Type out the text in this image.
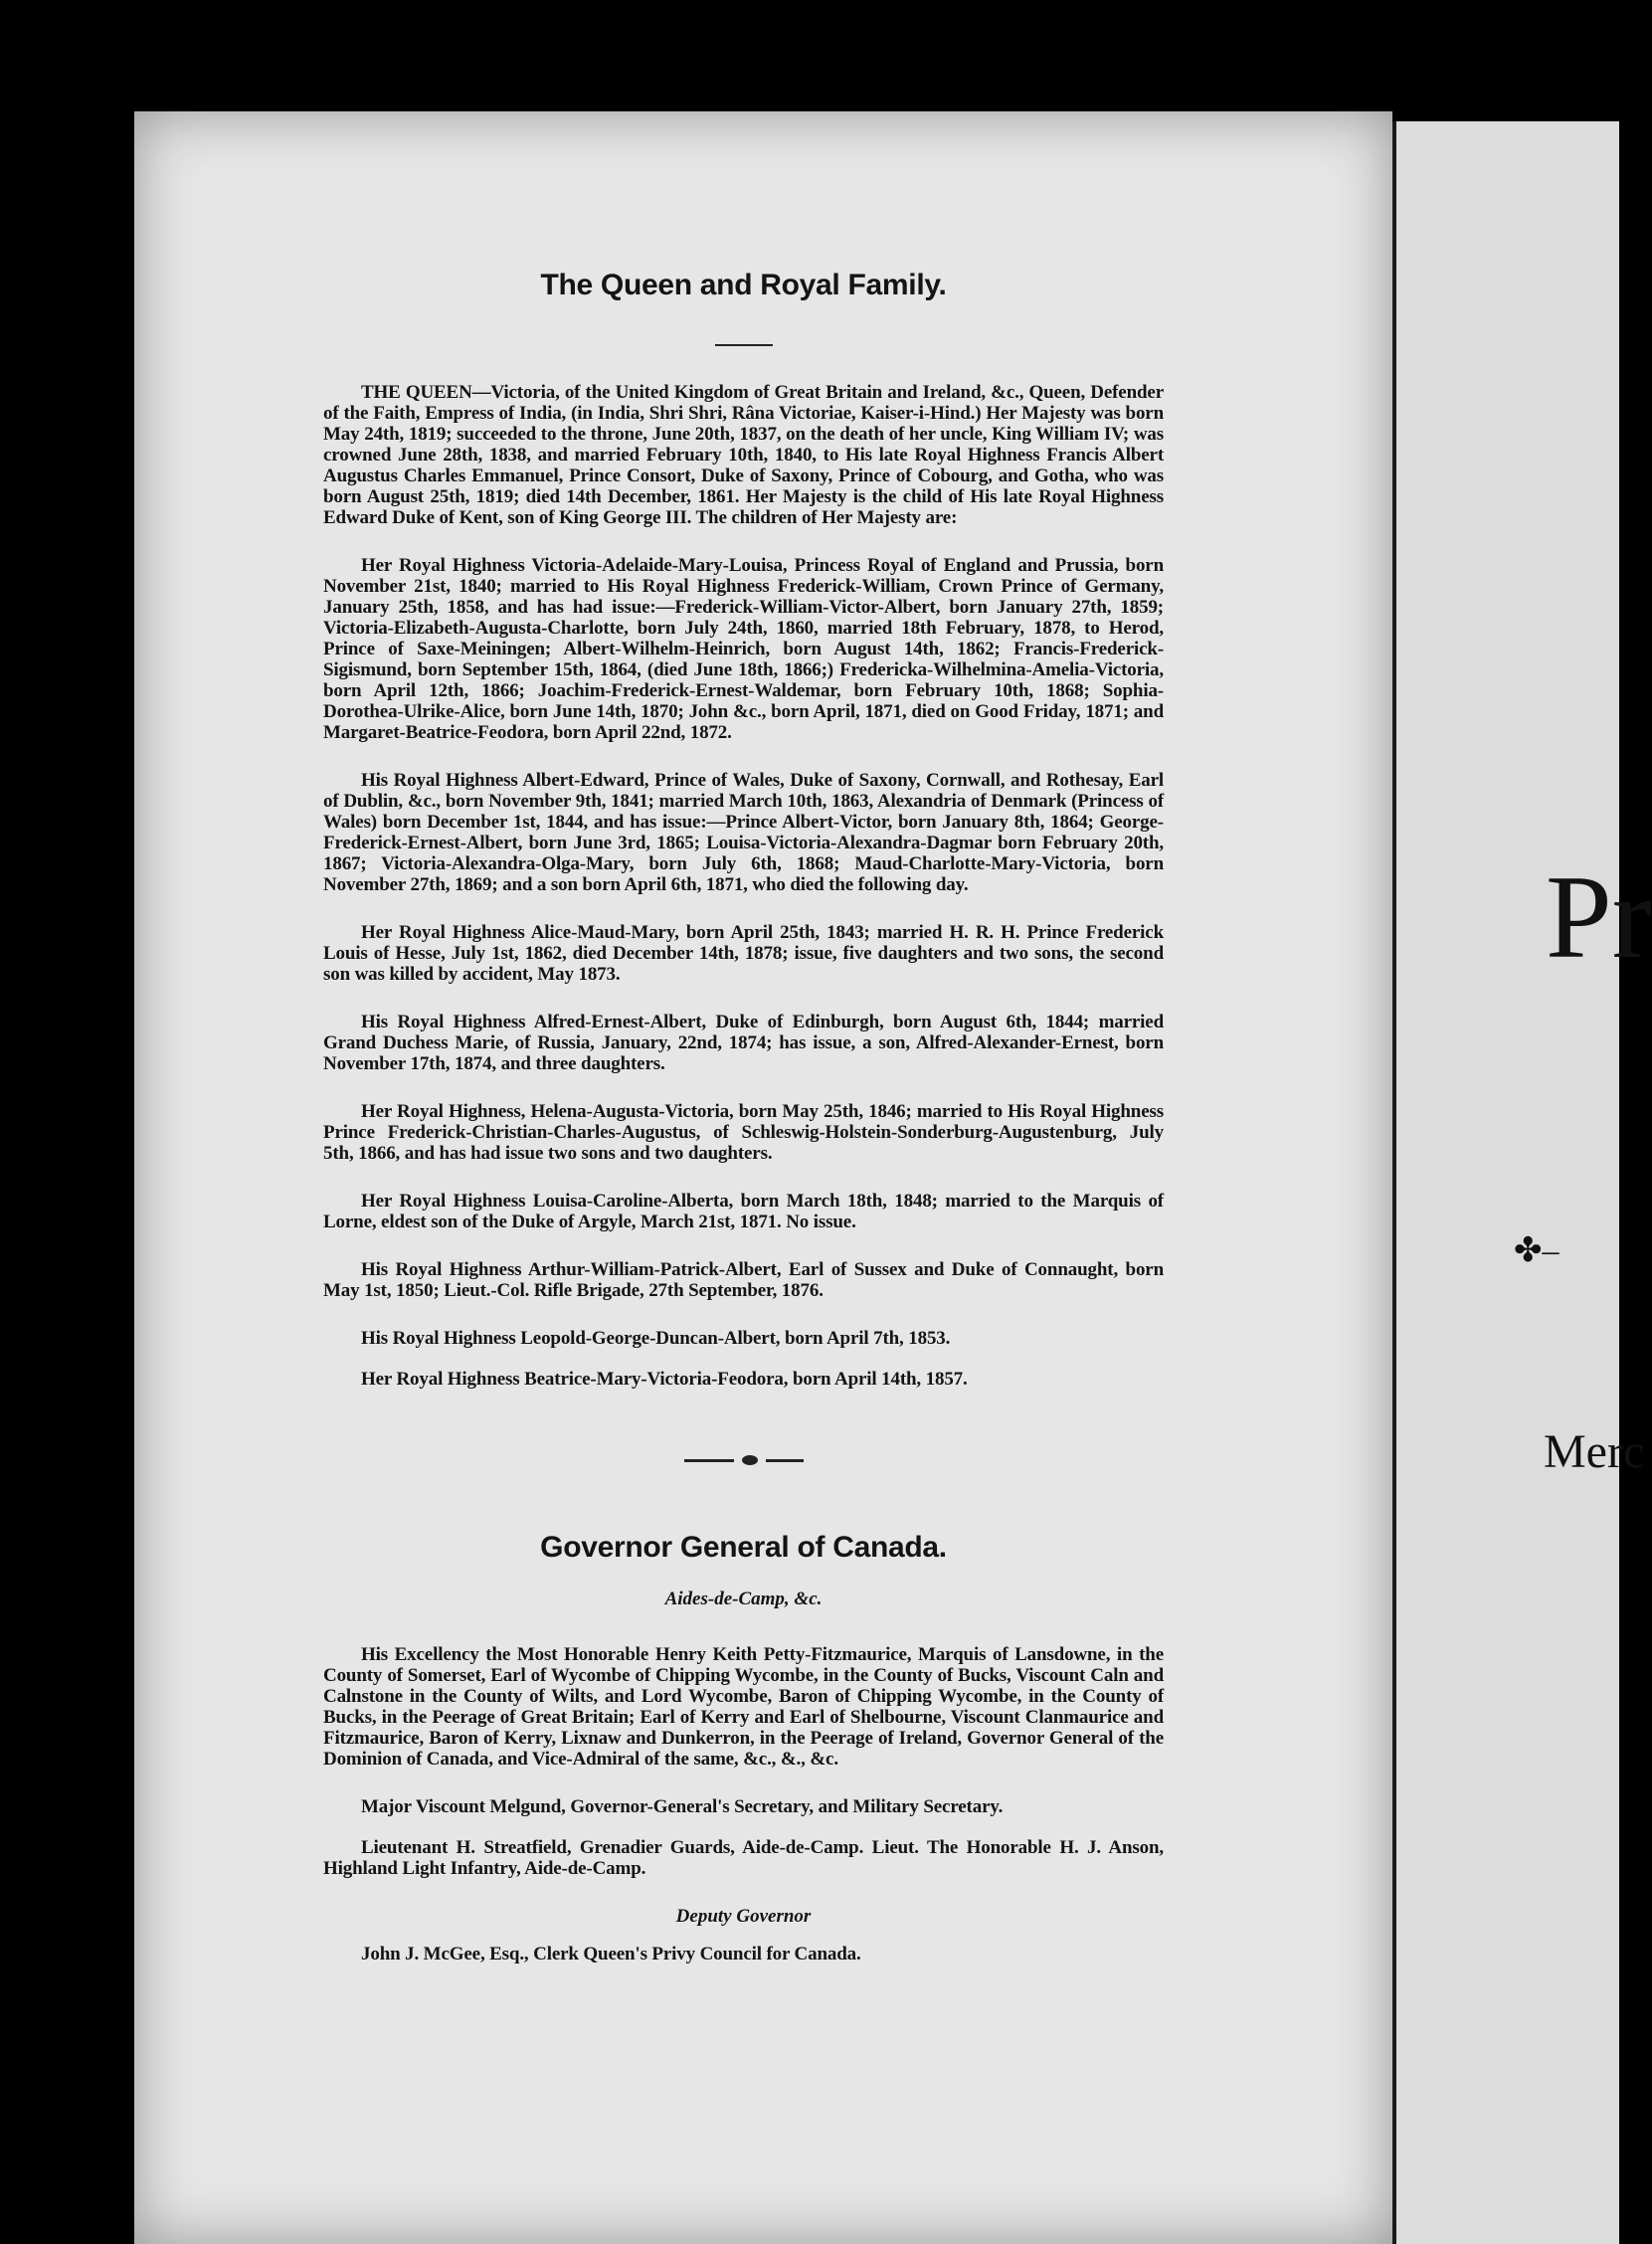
Pr
✤–
Merc
The Queen and Royal Family.

THE QUEEN—Victoria, of the United Kingdom of Great Britain and Ireland, &c., Queen, Defender of the Faith, Empress of India, (in India, Shri Shri, Râna Victoriae, Kaiser-i-Hind.) Her Majesty was born May 24th, 1819; succeeded to the throne, June 20th, 1837, on the death of her uncle, King William IV; was crowned June 28th, 1838, and married February 10th, 1840, to His late Royal Highness Francis Albert Augustus Charles Emmanuel, Prince Consort, Duke of Saxony, Prince of Cobourg, and Gotha, who was born August 25th, 1819; died 14th December, 1861. Her Majesty is the child of His late Royal Highness Edward Duke of Kent, son of King George III. The children of Her Majesty are:

Her Royal Highness Victoria-Adelaide-Mary-Louisa, Princess Royal of England and Prussia, born November 21st, 1840; married to His Royal Highness Frederick-William, Crown Prince of Germany, January 25th, 1858, and has had issue:—Frederick-William-Victor-Albert, born January 27th, 1859; Victoria-Elizabeth-Augusta-Charlotte, born July 24th, 1860, married 18th February, 1878, to Herod, Prince of Saxe-Meiningen; Albert-Wilhelm-Heinrich, born August 14th, 1862; Francis-Frederick-Sigismund, born September 15th, 1864, (died June 18th, 1866;) Fredericka-Wilhelmina-Amelia-Victoria, born April 12th, 1866; Joachim-Frederick-Ernest-Waldemar, born February 10th, 1868; Sophia-Dorothea-Ulrike-Alice, born June 14th, 1870; John &c., born April, 1871, died on Good Friday, 1871; and Margaret-Beatrice-Feodora, born April 22nd, 1872.

His Royal Highness Albert-Edward, Prince of Wales, Duke of Saxony, Cornwall, and Rothesay, Earl of Dublin, &c., born November 9th, 1841; married March 10th, 1863, Alexandria of Denmark (Princess of Wales) born December 1st, 1844, and has issue:—Prince Albert-Victor, born January 8th, 1864; George-Frederick-Ernest-Albert, born June 3rd, 1865; Louisa-Victoria-Alexandra-Dagmar born February 20th, 1867; Victoria-Alexandra-Olga-Mary, born July 6th, 1868; Maud-Charlotte-Mary-Victoria, born November 27th, 1869; and a son born April 6th, 1871, who died the following day.

Her Royal Highness Alice-Maud-Mary, born April 25th, 1843; married H. R. H. Prince Frederick Louis of Hesse, July 1st, 1862, died December 14th, 1878; issue, five daughters and two sons, the second son was killed by accident, May 1873.

His Royal Highness Alfred-Ernest-Albert, Duke of Edinburgh, born August 6th, 1844; married Grand Duchess Marie, of Russia, January, 22nd, 1874; has issue, a son, Alfred-Alexander-Ernest, born November 17th, 1874, and three daughters.

Her Royal Highness, Helena-Augusta-Victoria, born May 25th, 1846; married to His Royal Highness Prince Frederick-Christian-Charles-Augustus, of Schleswig-Holstein-Sonderburg-Augustenburg, July 5th, 1866, and has had issue two sons and two daughters.

Her Royal Highness Louisa-Caroline-Alberta, born March 18th, 1848; married to the Marquis of Lorne, eldest son of the Duke of Argyle, March 21st, 1871. No issue.

His Royal Highness Arthur-William-Patrick-Albert, Earl of Sussex and Duke of Connaught, born May 1st, 1850; Lieut.-Col. Rifle Brigade, 27th September, 1876.

His Royal Highness Leopold-George-Duncan-Albert, born April 7th, 1853.

Her Royal Highness Beatrice-Mary-Victoria-Feodora, born April 14th, 1857.

Governor General of Canada.
Aides-de-Camp, &c.

His Excellency the Most Honorable Henry Keith Petty-Fitzmaurice, Marquis of Lansdowne, in the County of Somerset, Earl of Wycombe of Chipping Wycombe, in the County of Bucks, Viscount Caln and Calnstone in the County of Wilts, and Lord Wycombe, Baron of Chipping Wycombe, in the County of Bucks, in the Peerage of Great Britain; Earl of Kerry and Earl of Shelbourne, Viscount Clanmaurice and Fitzmaurice, Baron of Kerry, Lixnaw and Dunkerron, in the Peerage of Ireland, Governor General of the Dominion of Canada, and Vice-Admiral of the same, &c., &., &c.

Major Viscount Melgund, Governor-General's Secretary, and Military Secretary.

Lieutenant H. Streatfield, Grenadier Guards, Aide-de-Camp. Lieut. The Honorable H. J. Anson, Highland Light Infantry, Aide-de-Camp.

Deputy Governor

John J. McGee, Esq., Clerk Queen's Privy Council for Canada.
